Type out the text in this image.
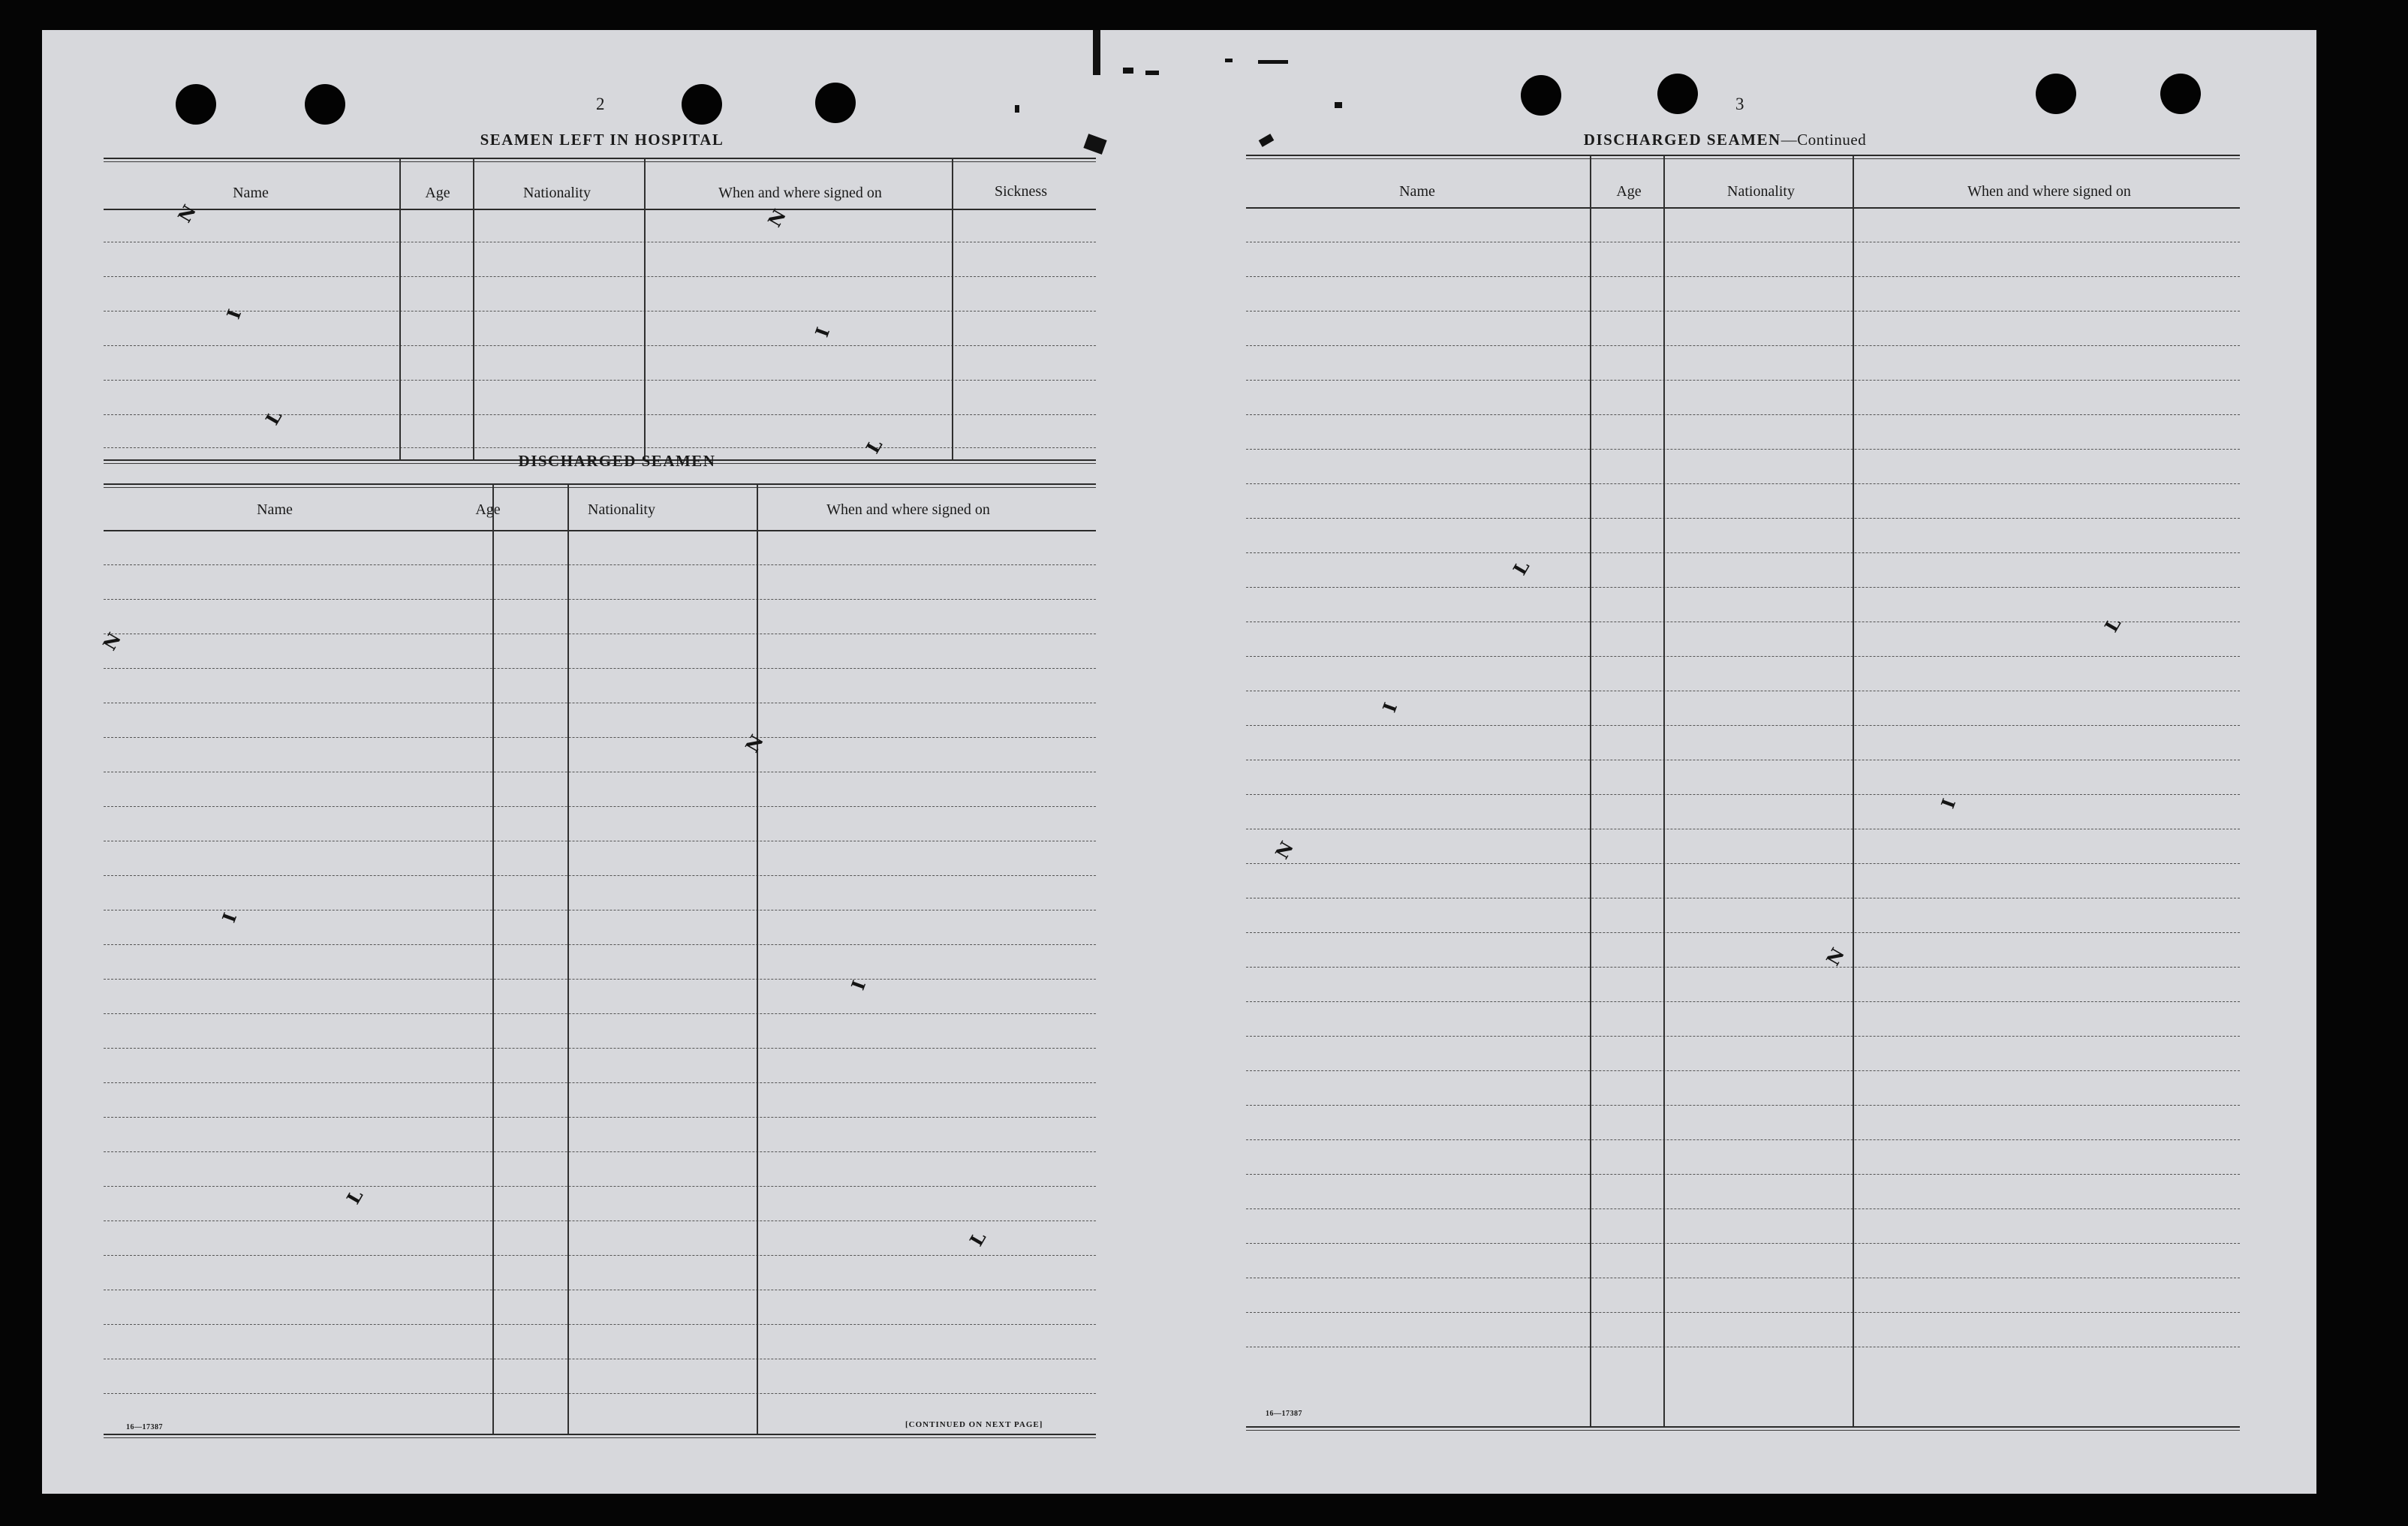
2
SEAMEN LEFT IN HOSPITAL
Name	Age	Nationality	When and where signed on	Sickness
DISCHARGED SEAMEN
Name	Age	Nationality	When and where signed on
16—17387	[CONTINUED ON NEXT PAGE]
3
DISCHARGED SEAMEN—Continued
Name	Age	Nationality	When and where signed on
16—17387
N
I
L
N
I
L
N
I
L
N
I
L
N
I
L
N
I
L
